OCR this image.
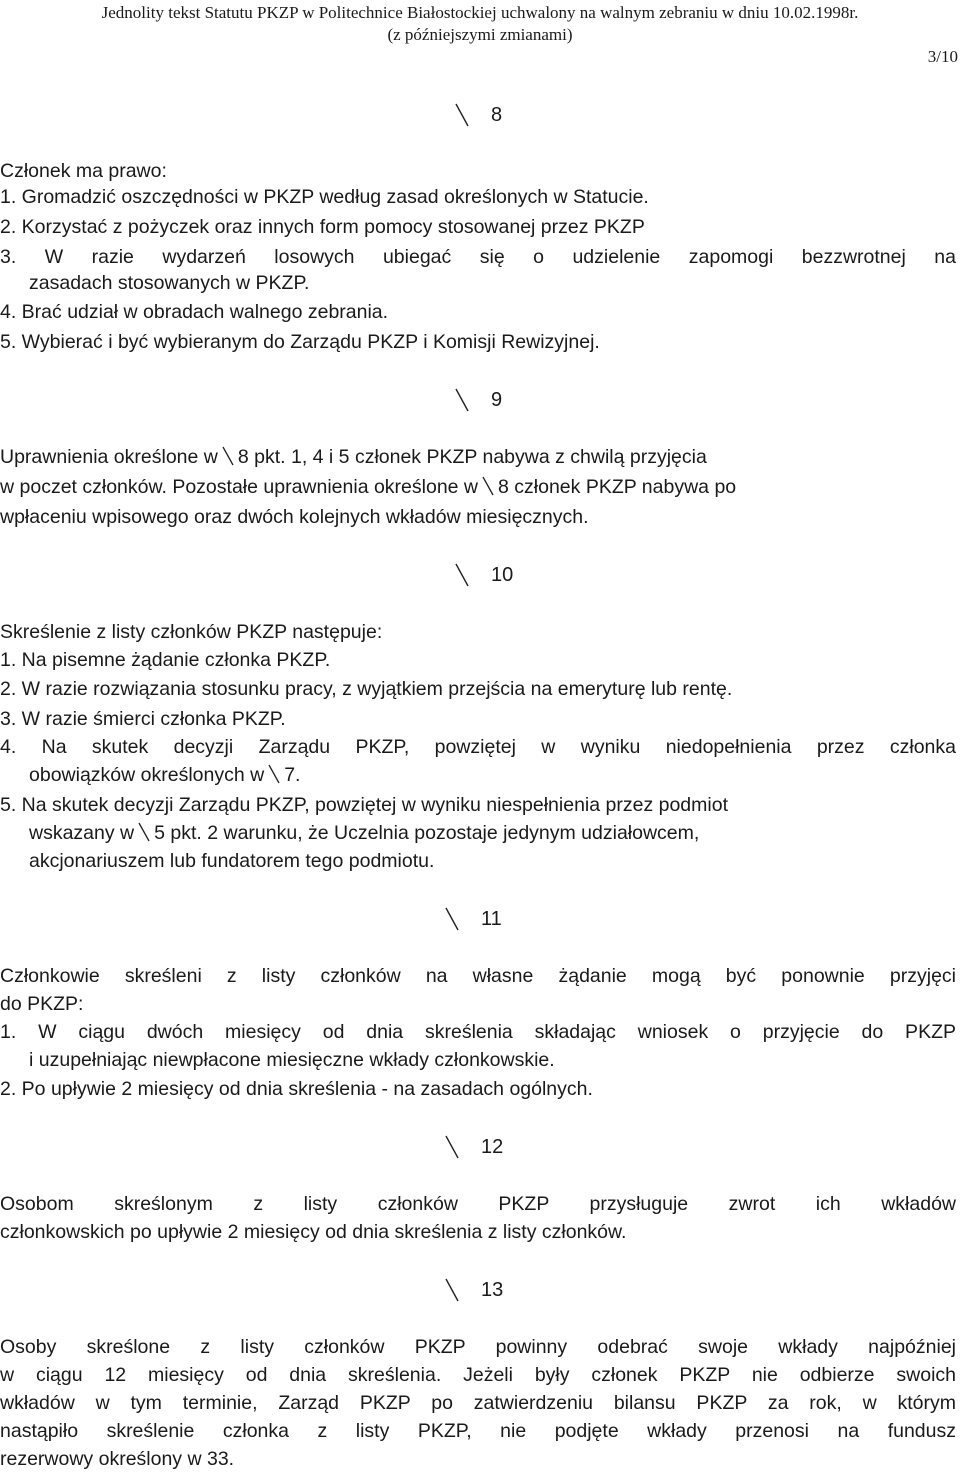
Jednolity tekst Statutu PKZP w Politechnice Białostockiej uchwalony na walnym zebraniu w dniu 10.02.1998r.
(z późniejszymi zmianami)
3/10
8
Członek ma prawo:
1. Gromadzić oszczędności w PKZP według zasad określonych w Statucie.
2. Korzystać z pożyczek oraz innych form pomocy stosowanej przez PKZP
3. W razie wydarzeń losowych ubiegać się o udzielenie zapomogi bezzwrotnej na
zasadach stosowanych w PKZP.
4. Brać udział w obradach walnego zebrania.
5. Wybierać i być wybieranym do Zarządu PKZP i Komisji Rewizyjnej.
9
Uprawnienia określone w 8 pkt. 1, 4 i 5 członek PKZP nabywa z chwilą przyjęcia
w poczet członków. Pozostałe uprawnienia określone w 8 członek PKZP nabywa po
wpłaceniu wpisowego oraz dwóch kolejnych wkładów miesięcznych.
10
Skreślenie z listy członków PKZP następuje:
1. Na pisemne żądanie członka PKZP.
2. W razie rozwiązania stosunku pracy, z wyjątkiem przejścia na emeryturę lub rentę.
3. W razie śmierci członka PKZP.
4. Na skutek decyzji Zarządu PKZP, powziętej w wyniku niedopełnienia przez członka
obowiązków określonych w 7.
5. Na skutek decyzji Zarządu PKZP, powziętej w wyniku niespełnienia przez podmiot
wskazany w 5 pkt. 2 warunku, że Uczelnia pozostaje jedynym udziałowcem,
akcjonariuszem lub fundatorem tego podmiotu.
11
Członkowie skreśleni z listy członków na własne żądanie mogą być ponownie przyjęci
do PKZP:
1. W ciągu dwóch miesięcy od dnia skreślenia składając wniosek o przyjęcie do PKZP
i uzupełniając niewpłacone miesięczne wkłady członkowskie.
2. Po upływie 2 miesięcy od dnia skreślenia - na zasadach ogólnych.
12
Osobom skreślonym z listy członków PKZP przysługuje zwrot ich wkładów
członkowskich po upływie 2 miesięcy od dnia skreślenia z listy członków.
13
Osoby skreślone z listy członków PKZP powinny odebrać swoje wkłady najpóźniej
w ciągu 12 miesięcy od dnia skreślenia. Jeżeli były członek PKZP nie odbierze swoich
wkładów w tym terminie, Zarząd PKZP po zatwierdzeniu bilansu PKZP za rok, w którym
nastąpiło skreślenie członka z listy PKZP, nie podjęte wkłady przenosi na fundusz
rezerwowy określony w 33.
